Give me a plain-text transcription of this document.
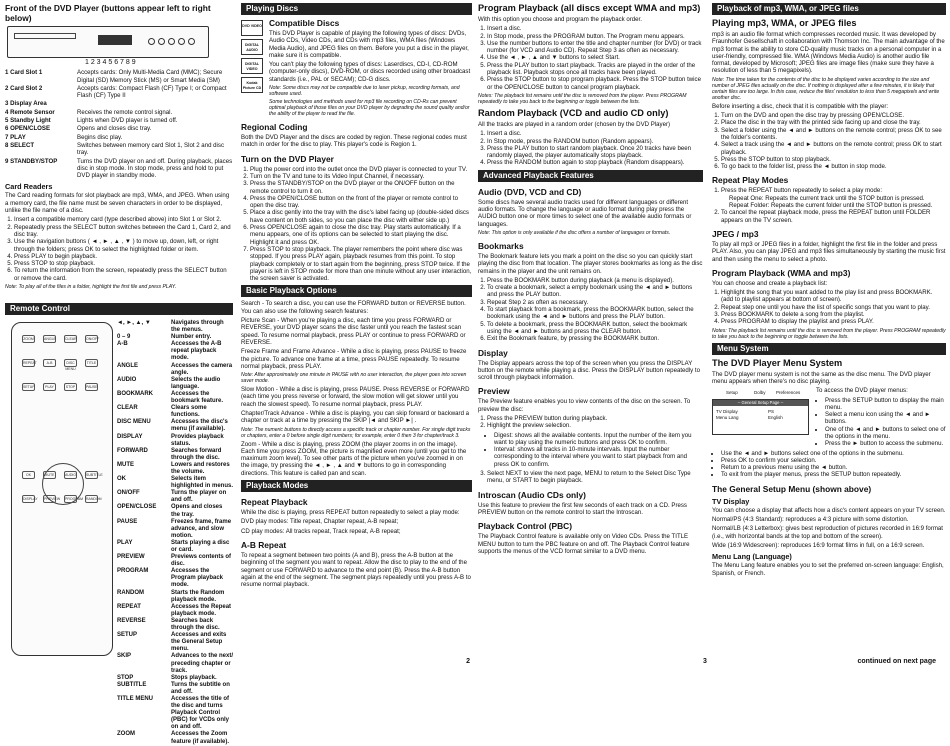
Front of the DVD Player (buttons appear left to right below)
1 2 3 4 5 6 7 8 9
1 Card Slot 1	Accepts cards: Only Multi-Media Card (MMC); Secure Digital (SD) Memory Stick (MS) or Smart Media (SM)
2 Card Slot 2	Accepts cards: Compact Flash (CF) Type I; or Compact Flash (CF) Type II
3 Display Area
4 Remote Sensor	Receives the remote control signal.
5 Standby Light	Lights when DVD player is turned off.
6 OPEN/CLOSE	Opens and closes disc tray.
7 PLAY	Begins disc play.
8 SELECT	Switches between memory card Slot 1, Slot 2 and disc tray.
9 STANDBY/STOP	Turns the DVD player on and off. During playback, places disc in stop mode. In stop mode, press and hold to put DVD player in standby mode.
Card Readers
The Card reading formats for slot playback are mp3, WMA, and JPEG. When using a memory card, the file name must be seven characters in order to be displayed, unlike the file name of a disc.
1. Insert a compatible memory card (type described above) into Slot 1 or Slot 2.
2. Repeatedly press the SELECT button switches between the Card 1, Card 2, and disc tray.
3. Use the navigation buttons ( ◄ , ► , ▲ , ▼ ) to move up, down, left, or right through the folders; press OK to select the highlighted folder or item.
4. Press PLAY to begin playback.
5. Press STOP to stop playback.
6. To return the information from the screen, repeatedly press the SELECT button or remove the card.
Note: To play all of the files in a folder, highlight the first file and press PLAY.
Remote Control
ZOOM	ANGLE	CLEAR	ON/OFF
REPEAT	A-B	DISC MENU
TITLE
SETUP	PLAY	STOP	PAUSE
OK	MUTE	AUDIO	SUBTITLE
DISPLAY PREVIEW PROGRAM RANDOM
◄, ►, ▲, ▼	Navigates through the menus.
0 – 9	Number entry.
A-B	Accesses the A-B repeat playback mode.
ANGLE	Accesses the camera angle.
AUDIO	Selects the audio language.
BOOKMARK	Accesses the bookmark feature.
CLEAR	Clears some functions.
DISC MENU	Accesses the disc's menu (if available).
DISPLAY	Provides playback status.
FORWARD	Searches forward through the disc.
MUTE	Lowers and restores the volume.
OK	Selects item highlighted in menus.
ON/OFF	Turns the player on and off.
OPEN/CLOSE	Opens and closes the tray.
PAUSE	Freezes frame, frame advance, and slow motion.
PLAY	Starts playing a disc or card.
PREVIEW	Previews contents of disc.
PROGRAM	Accesses the Program playback mode.
RANDOM	Starts the Random playback mode.
REPEAT	Accesses the Repeat playback mode.
REVERSE	Searches back through the disc.
SETUP	Accesses and exits the General Setup menu.
SKIP	Advances to the next/ preceding chapter or track.
STOP	Stops playback.
SUBTITLE	Turns the subtitle on and off.
TITLE MENU	Accesses the title of the disc and turns Playback Control (PBC) for VCDs only on and off.
ZOOM	Accesses the Zoom feature (if available).
Playing Discs
DVD VIDEO
DIGITAL AUDIO
DIGITAL VIDEO
Kodak Picture CD
Compatible Discs
This DVD Player is capable of playing the following types of discs: DVDs, Audio CDs, Video CDs, and CDs with mp3 files, WMA files (Windows Media Audio), and JPEG files on them. Before you put a disc in the player, make sure it is compatible.
You can't play the following types of discs: Laserdiscs, CD-I, CD-ROM (computer-only discs), DVD-ROM, or discs recorded using other broadcast standards (i.e., PAL or SECAM); CD-G discs.
Note: Some discs may not be compatible due to laser pickup, recording formats, and software used.
Some technologies and methods used for mp3 file recording on CD-Rs can prevent optimal playback of those files on your DVD player by degrading the sound quality and/or the ability of the player to read the file.
Regional Coding
Both the DVD Player and the discs are coded by region. These regional codes must match in order for the disc to play. This player's code is Region 1.
Turn on the DVD Player
1. Plug the power cord into the outlet once the DVD player is connected to your TV.
2. Turn on the TV and tune to its Video Input Channel, if necessary.
3. Press the STANDBY/STOP on the DVD player or the ON/OFF button on the remote control to turn it on.
4. Press the OPEN/CLOSE button on the front of the player or remote control to open the disc tray.
5. Place a disc gently into the tray with the disc's label facing up (double-sided discs have content on both sides, so you can place the disc with either side up.)
6. Press OPEN/CLOSE again to close the disc tray. Play starts automatically. If a menu appears, one of its options can be selected to start playing the disc. Highlight it and press OK.
7. Press STOP to stop playback. The player remembers the point where disc was stopped. If you press PLAY again, playback resumes from this point. To stop playback completely or to start again from the beginning, press STOP twice. If the player is left in STOP mode for more than one minute without any user interaction, the screen saver is activated.
Basic Playback Options
Search - To search a disc, you can use the FORWARD button or REVERSE button. You can also use the following search features:
Picture Scan - When you're playing a disc, each time you press FORWARD or REVERSE, your DVD player scans the disc faster until you reach the fastest scan speed. To resume normal playback, press PLAY or continue to press FORWARD or REVERSE.
Freeze Frame and Frame Advance - While a disc is playing, press PAUSE to freeze the picture. To advance one frame at a time, press PAUSE repeatedly. To resume normal playback, press PLAY.
Note: After approximately one minute in PAUSE with no user interaction, the player goes into screen saver mode.
Slow Motion - While a disc is playing, press PAUSE. Press REVERSE or FORWARD (each time you press reverse or forward, the slow motion will get slower until you reach the slowest speed). To resume normal playback, press PLAY.
Chapter/Track Advance - While a disc is playing, you can skip forward or backward a chapter or track at a time by pressing the SKIP |◄ and SKIP ►| .
Note: The numeric buttons to directly access a specific track or chapter number. For single digit tracks or chapters, enter a 0 before single digit numbers; for example, enter 0 then 3 for chapter/track 3.
Zoom - While a disc is playing, press ZOOM (the player zooms in on the image). Each time you press ZOOM, the picture is magnified even more (until you get to the maximum zoom level). To see other parts of the picture when you've zoomed in on the image, try pressing the ◄ , ► , ▲ and ▼ buttons to go in corresponding directions. This feature is called pan and scan.
Playback Modes
Repeat Playback
While the disc is playing, press REPEAT button repeatedly to select a play mode:
DVD play modes: Title repeat, Chapter repeat, A-B repeat;
CD play modes: All tracks repeat, Track repeat, A-B repeat;
A-B Repeat
To repeat a segment between two points (A and B), press the A-B button at the beginning of the segment you want to repeat. Allow the disc to play to the end of the segment or use FORWARD to advance to the end point (B). Press the A-B button again at the end of the segment. The segment plays repeatedly until you press A-B to resume normal playback.
2
Program Playback (all discs except WMA and mp3)
With this option you choose and program the playback order.
1. Insert a disc.
2. In Stop mode, press the PROGRAM button. The Program menu appears.
3. Use the number buttons to enter the title and chapter number (for DVD) or track number (for VCD and Audio CD). Repeat Step 3 as often as necessary.
4. Use the ◄ , ► , ▲ and ▼ buttons to select Start.
5. Press the PLAY button to start playback. Tracks are played in the order of the playback list. Playback stops once all tracks have been played.
6. Press the STOP button to stop program playback. Press the STOP button twice or the OPEN/CLOSE button to cancel program playback.
Notes: The playback list remains until the disc is removed from the player. Press PROGRAM repeatedly to take you back to the beginning or toggle between the lists.
Random Playback (VCD and audio CD only)
All the tracks are played in a random order (chosen by the DVD Player)
1. Insert a disc.
2. In Stop mode, press the RANDOM button (Random appears).
3. Press the PLAY button to start random playback. Once 20 tracks have been randomly played, the player automatically stops playback.
4. Press the RANDOM button again to stop playback (Random disappears).
Advanced Playback Features
Audio (DVD, VCD and CD)
Some discs have several audio tracks used for different languages or different audio formats. To change the language or audio format during play press the AUDIO button one or more times to select one of the available audio formats or languages.
Note: This option is only available if the disc offers a number of languages or formats.
Bookmarks
The Bookmark feature lets you mark a point on the disc so you can quickly start playing the disc from that location. The player stores bookmarks as long as the disc remains in the player and the unit remains on.
1. Press the BOOKMARK button during playback (a menu is displayed).
2. To create a bookmark, select a empty bookmark using the ◄ and ► buttons and press the PLAY button.
3. Repeat Step 2 as often as necessary.
4. To start playback from a bookmark, press the BOOKMARK button, select the bookmark using the ◄ and ► buttons and press the PLAY button.
5. To delete a bookmark, press the BOOKMARK button, select the bookmark using the ◄ and ► buttons and press the CLEAR button.
6. Exit the Bookmark feature, by pressing the BOOKMARK button.
Display
The Display appears across the top of the screen when you press the DISPLAY button on the remote while playing a disc. Press the DISPLAY button repeatedly to scroll through playback information.
Preview
The Preview feature enables you to view contents of the disc on the screen. To preview the disc:
1. Press the PREVIEW button during playback.
2. Highlight the preview selection.
• Digest: shows all the available contents. Input the number of the item you want to play using the numeric buttons and press OK to confirm.
• Interval: shows all tracks in 10-minute intervals. Input the number corresponding to the interval where you want to start playback from and press OK to confirm.
3. Select NEXT to view the next page, MENU to return to the Select Disc Type menu, or START to begin playback.
Introscan (Audio CDs only)
Use this feature to preview the first few seconds of each track on a CD. Press PREVIEW button on the remote control to start the Introscan.
Playback Control (PBC)
The Playback Control feature is available only on Video CDs. Press the TITLE MENU button to turn the PBC feature on and off. The Playback Control feature supports the menus of the VCD format similar to a DVD menu.
3
Playback of mp3, WMA, or JPEG files
Playing mp3, WMA, or JPEG files
mp3 is an audio file format which compresses recorded music. It was developed by Fraunhofer Gesellschaft in collaboration with Thomson Inc. The main advantage of the mp3 format is the ability to store CD-quality music tracks on a personal computer in a user-friendly, compressed file. WMA (Windows Media Audio) is another audio file format, developed by Microsoft; JPEG files are image files (make sure they have a resolution of less than 5 megapixels).
Note: The time taken for the contents of the disc to be displayed varies according to the size and number of JPEG files actually on the disc. If nothing is displayed after a few minutes, it is likely that certain files are too large. In this case, reduce the files' resolution to less than 5 megapixels and write another disc.
Before inserting a disc, check that it is compatible with the player:
1. Turn on the DVD and open the disc tray by pressing OPEN/CLOSE.
2. Place the disc in the tray with the printed side facing up and close the tray.
3. Select a folder using the ◄ and ► buttons on the remote control; press OK to see the folder's contents.
4. Select a track using the ◄ and ► buttons on the remote control; press OK to start playback.
5. Press the STOP button to stop playback.
6. To go back to the folder list, press the ◄ button in stop mode.
Repeat Play Modes
1. Press the REPEAT button repeatedly to select a play mode:
Repeat One: Repeats the current track until the STOP button is pressed.
Repeat Folder: Repeats the current folder until the STOP button is pressed.
2. To cancel the repeat playback mode, press the REPEAT button until FOLDER appears on the TV screen.
JPEG / mp3
To play all mp3 or JPEG files in a folder, highlight the first file in the folder and press PLAY. Also, you can play JPEG and mp3 files simultaneously by starting the music first and then using the menu to select a photo.
Program Playback (WMA and mp3)
You can choose and create a playback list:
1. Highlight the song that you want added to the play list and press BOOKMARK. (add to playlist appears at bottom of screen).
2. Repeat step one until you have the list of specific songs that you want to play.
3. Press BOOKMARK to delete a song from the playlist.
4. Press PROGRAM to display the playlist and press PLAY.
Notes: The playback list remains until the disc is removed from the player. Press PROGRAM repeatedly to take you back to the beginning or toggle between the lists.
Menu System
The DVD Player Menu System
The DVD player menu system is not the same as the disc menu. The DVD player menu appears when there's no disc playing.
Setup	Dolby Preferences
-- General Setup Page --
TV Display	PS
Menu Lang	English
To access the DVD player menus:
• Press the SETUP button to display the main menu.
• Select a menu icon using the ◄ and ► buttons.
• One of the ◄ and ► buttons to select one of the options in the menu.
• Press the ► button to access the submenu.
• Use the ◄ and ► buttons select one of the options in the submenu.
• Press OK to confirm your selection.
• Return to a previous menu using the ◄ button.
• To exit from the player menus, press the SETUP button repeatedly.
The General Setup Menu (shown above)
TV Display
You can choose a display that affects how a disc's content appears on your TV screen.
Normal/PS (4:3 Standard): reproduces a 4:3 picture with some distortion.
Normal/LB (4:3 Letterbox): gives best reproduction of pictures recorded in 16:9 format (i.e., with horizontal bands at the top and bottom of the screen).
Wide (16:9 Widescreen): reproduces 16:9 format films in full, on a 16:9 screen.
Menu Lang (Language)
The Menu Lang feature enables you to set the preferred on-screen language: English, Spanish, or French.
continued on next page
